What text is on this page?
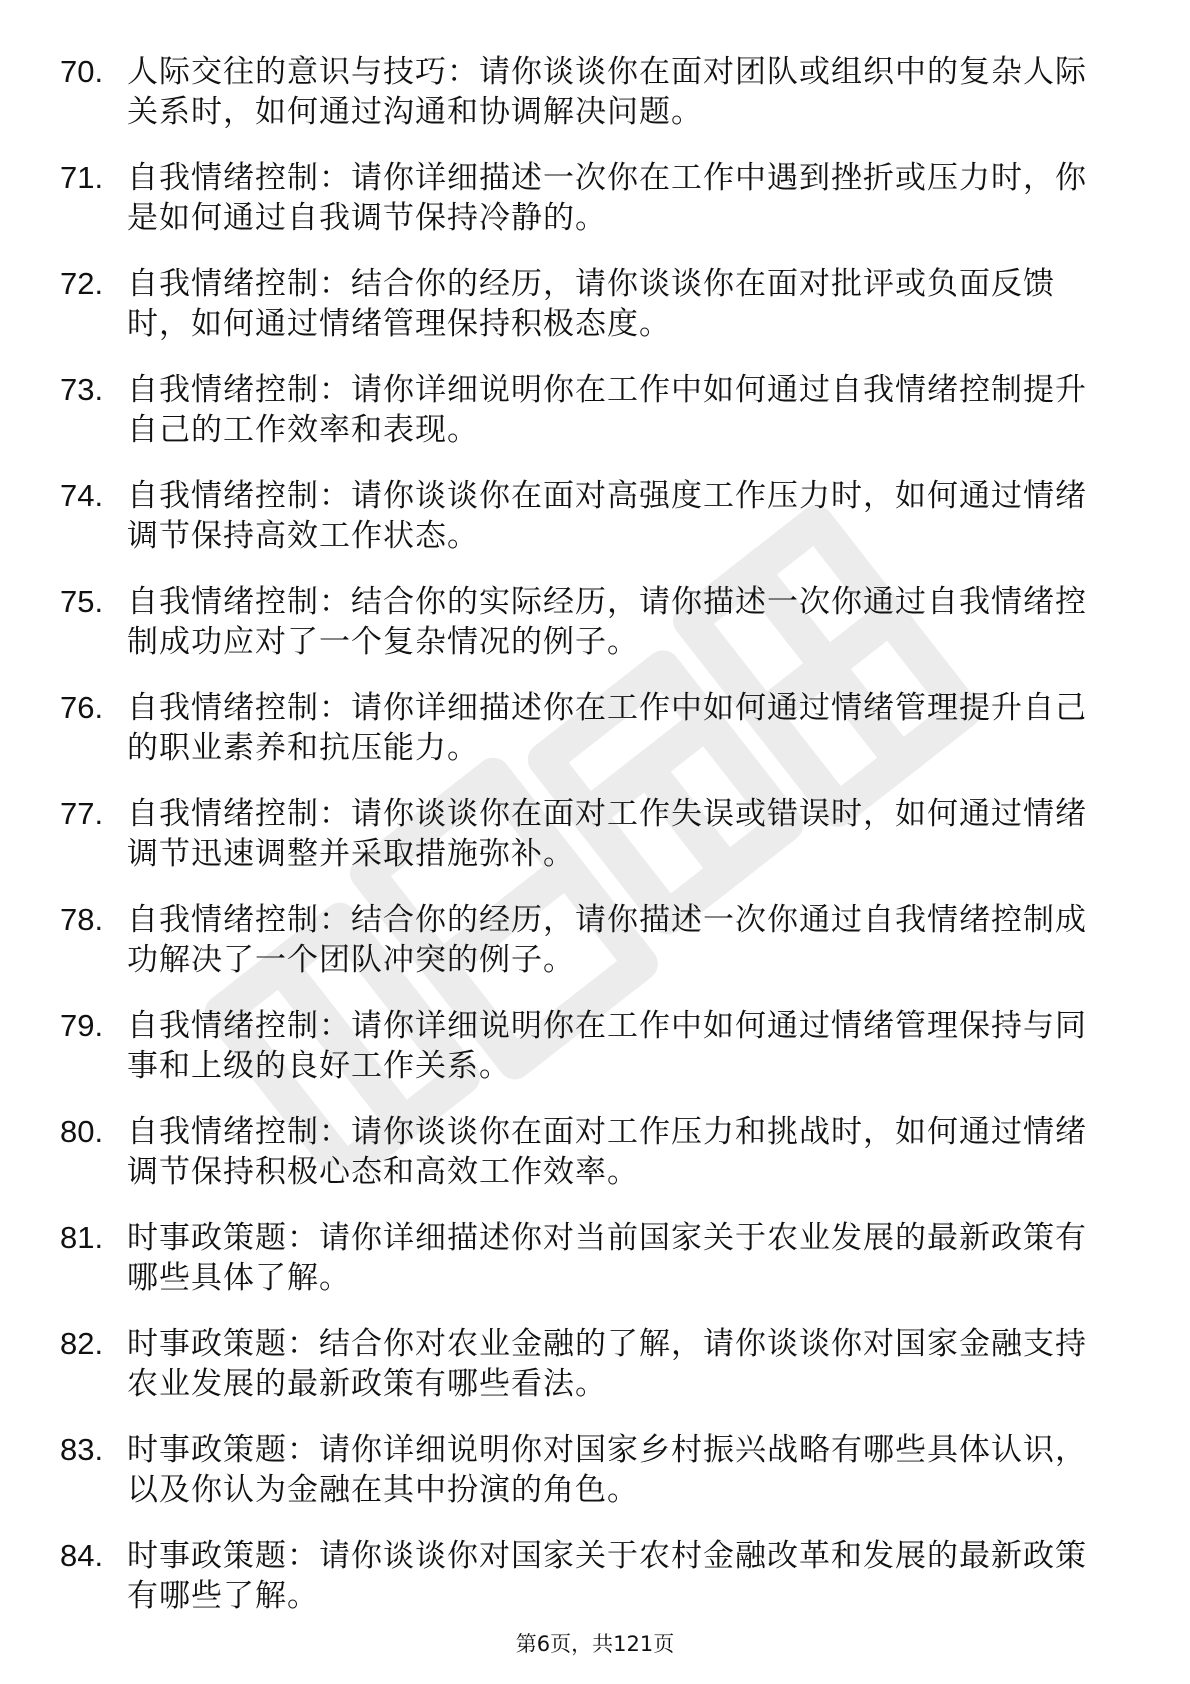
70. 人际交往的意识与技巧：请你谈谈你在面对团队或组织中的复杂人际关系时，如何通过沟通和协调解决问题。
71. 自我情绪控制：请你详细描述一次你在工作中遇到挫折或压力时，你是如何通过自我调节保持冷静的。
72. 自我情绪控制：结合你的经历，请你谈谈你在面对批评或负面反馈时，如何通过情绪管理保持积极态度。
73. 自我情绪控制：请你详细说明你在工作中如何通过自我情绪控制提升自己的工作效率和表现。
74. 自我情绪控制：请你谈谈你在面对高强度工作压力时，如何通过情绪调节保持高效工作状态。
75. 自我情绪控制：结合你的实际经历，请你描述一次你通过自我情绪控制成功应对了一个复杂情况的例子。
76. 自我情绪控制：请你详细描述你在工作中如何通过情绪管理提升自己的职业素养和抗压能力。
77. 自我情绪控制：请你谈谈你在面对工作失误或错误时，如何通过情绪调节迅速调整并采取措施弥补。
78. 自我情绪控制：结合你的经历，请你描述一次你通过自我情绪控制成功解决了一个团队冲突的例子。
79. 自我情绪控制：请你详细说明你在工作中如何通过情绪管理保持与同事和上级的良好工作关系。
80. 自我情绪控制：请你谈谈你在面对工作压力和挑战时，如何通过情绪调节保持积极心态和高效工作效率。
81. 时事政策题：请你详细描述你对当前国家关于农业发展的最新政策有哪些具体了解。
82. 时事政策题：结合你对农业金融的了解，请你谈谈你对国家金融支持农业发展的最新政策有哪些看法。
83. 时事政策题：请你详细说明你对国家乡村振兴战略有哪些具体认识，以及你认为金融在其中扮演的角色。
84. 时事政策题：请你谈谈你对国家关于农村金融改革和发展的最新政策有哪些了解。
第6页，共121页
